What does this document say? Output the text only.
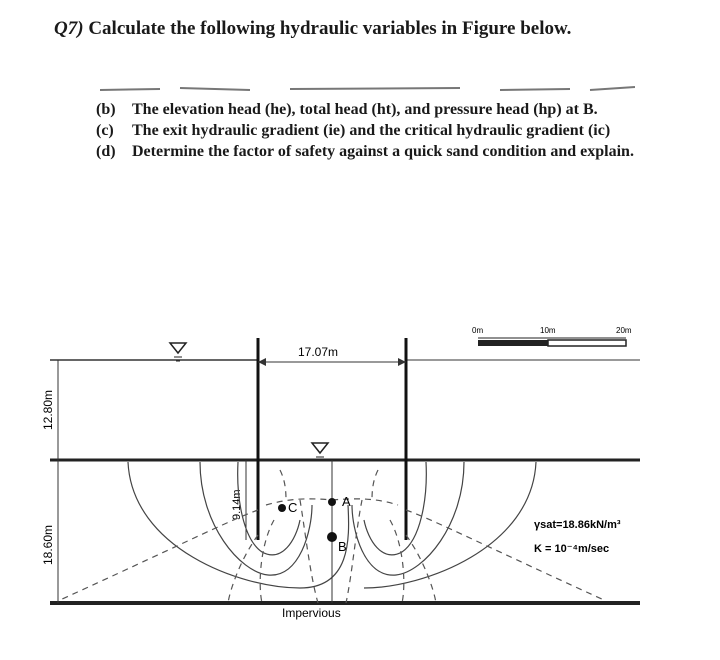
Q7) Calculate the following hydraulic variables in Figure below.
(b)	The elevation head (he), total head (ht), and pressure head (hp) at B.
(c)	The exit hydraulic gradient (ie) and the critical hydraulic gradient (ic)
(d)	Determine the factor of safety against a quick sand condition and explain.
17.07m
12.80m
18.60m
9.14m	A
B
C
Impervious
γsat=18.86kN/m³
K = 10⁻⁴m/sec
0m	10m	20m
